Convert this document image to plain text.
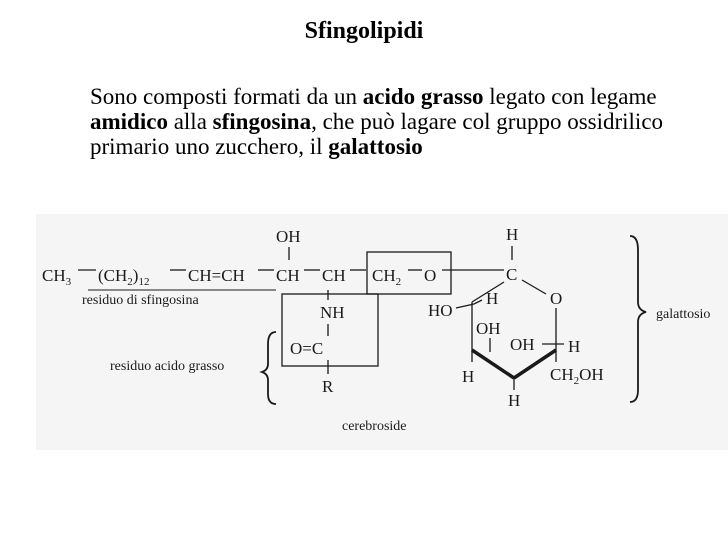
Sfingolipidi
Sono composti formati da un acido grasso legato con legame amidico alla sfingosina, che può lagare col gruppo ossidrilico primario uno zucchero, il galattosio
$CH_3$ $(CH_2)_{12}$ CH=CH CH CH
OH
$CH_2$ O
residuo di sfingosina
NH
O=C
R
residuo acido grasso
cerebroside
H
C
O
HO
H
OH
OH H
H	$CH_2OH$
H
galattosio
